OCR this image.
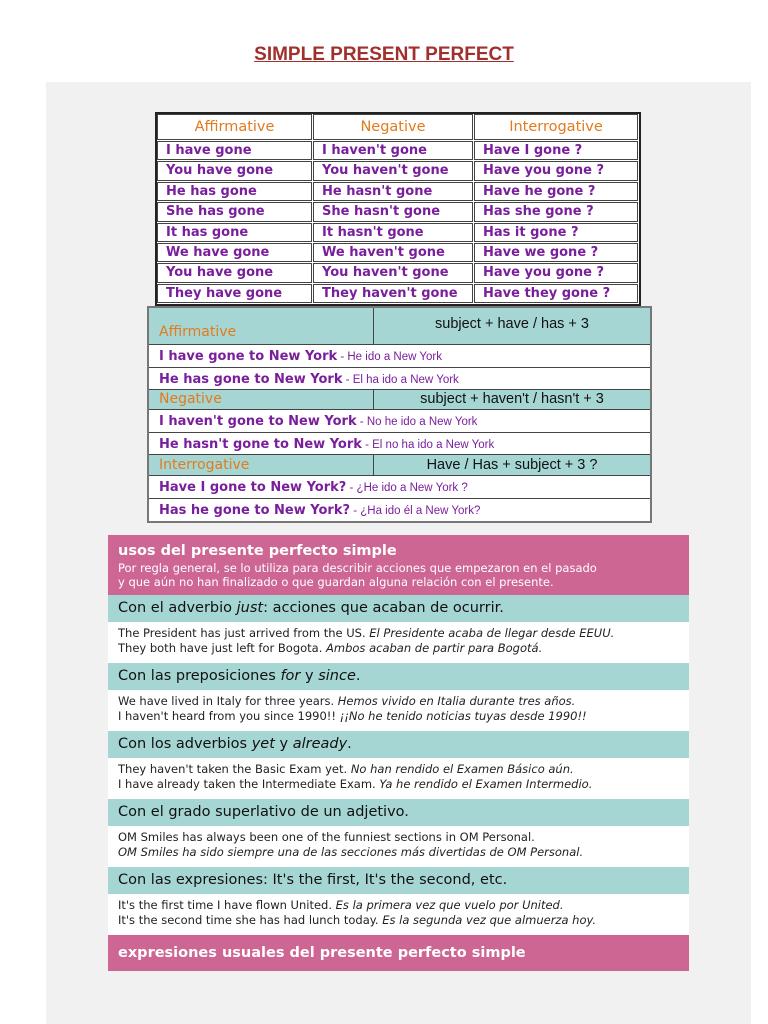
SIMPLE PRESENT PERFECT
Affirmative	Negative	Interrogative
I have gone	I haven't gone	Have I gone ?
You have gone	You haven't gone	Have you gone ?
He has gone	He hasn't gone	Have he gone ?
She has gone	She hasn't gone	Has she gone ?
It has gone	It hasn't gone	Has it gone ?
We have gone	We haven't gone	Have we gone ?
You have gone	You haven't gone	Have you gone ?
They have gone	They haven't gone	Have they gone ?
Affirmative	subject + have / has + 3
I have gone to New York - He ido a New York
He has gone to New York - El ha ido a New York
Negative	subject + haven't / hasn't + 3
I haven't gone to New York - No he ido a New York
He hasn't gone to New York - El no ha ido a New York
Interrogative	Have / Has + subject + 3 ?
Have I gone to New York? - ¿He ido a New York ?
Has he gone to New York? - ¿Ha ido él a New York?
usos del presente perfecto simple
Por regla general, se lo utiliza para describir acciones que empezaron en el pasado
y que aún no han finalizado o que guardan alguna relación con el presente.
Con el adverbio just: acciones que acaban de ocurrir.
The President has just arrived from the US. El Presidente acaba de llegar desde EEUU.
They both have just left for Bogota. Ambos acaban de partir para Bogotá.
Con las preposiciones for y since.
We have lived in Italy for three years. Hemos vivido en Italia durante tres años.
I haven't heard from you since 1990!! ¡¡No he tenido noticias tuyas desde 1990!!
Con los adverbios yet y already.
They haven't taken the Basic Exam yet. No han rendido el Examen Básico aún.
I have already taken the Intermediate Exam. Ya he rendido el Examen Intermedio.
Con el grado superlativo de un adjetivo.
OM Smiles has always been one of the funniest sections in OM Personal.
OM Smiles ha sido siempre una de las secciones más divertidas de OM Personal.
Con las expresiones: It's the first, It's the second, etc.
It's the first time I have flown United. Es la primera vez que vuelo por United.
It's the second time she has had lunch today. Es la segunda vez que almuerza hoy.
expresiones usuales del presente perfecto simple
